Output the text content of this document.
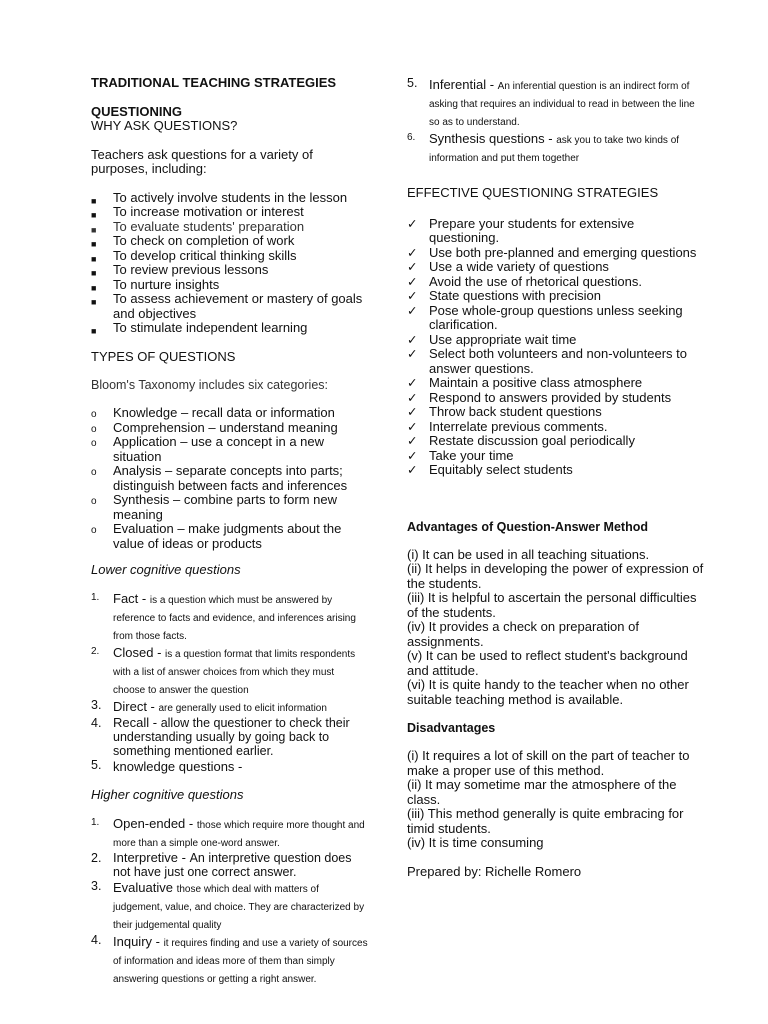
TRADITIONAL TEACHING STRATEGIES
QUESTIONING
WHY ASK QUESTIONS?
Teachers ask questions for a variety of purposes, including:
■ To actively involve students in the lesson
■ To increase motivation or interest
■ To evaluate students' preparation
■ To check on completion of work
■ To develop critical thinking skills
■ To review previous lessons
■ To nurture insights
■ To assess achievement or mastery of goals and objectives
■ To stimulate independent learning
TYPES OF QUESTIONS
Bloom's Taxonomy includes six categories:
o Knowledge – recall data or information
o Comprehension – understand meaning
o Application – use a concept in a new situation
o Analysis – separate concepts into parts; distinguish between facts and inferences
o Synthesis – combine parts to form new meaning
o Evaluation – make judgments about the value of ideas or products
Lower cognitive questions
1. Fact - is a question which must be answered by reference to facts and evidence, and inferences arising from those facts.
2. Closed - is a question format that limits respondents with a list of answer choices from which they must choose to answer the question
3. Direct - are generally used to elicit information
4. Recall - allow the questioner to check their understanding usually by going back to something mentioned earlier.
5. knowledge questions -
Higher cognitive questions
1. Open-ended - those which require more thought and more than a simple one-word answer.
2. Interpretive - An interpretive question does not have just one correct answer.
3. Evaluative those which deal with matters of judgement, value, and choice. They are characterized by their judgemental quality
4. Inquiry - it requires finding and use a variety of sources of information and ideas more of them than simply answering questions or getting a right answer.
5. Inferential - An inferential question is an indirect form of asking that requires an individual to read in between the line so as to understand.
6. Synthesis questions - ask you to take two kinds of information and put them together
EFFECTIVE QUESTIONING STRATEGIES
✓ Prepare your students for extensive questioning.
✓ Use both pre-planned and emerging questions
✓ Use a wide variety of questions
✓ Avoid the use of rhetorical questions.
✓ State questions with precision
✓ Pose whole-group questions unless seeking clarification.
✓ Use appropriate wait time
✓ Select both volunteers and non-volunteers to answer questions.
✓ Maintain a positive class atmosphere
✓ Respond to answers provided by students
✓ Throw back student questions
✓ Interrelate previous comments.
✓ Restate discussion goal periodically
✓ Take your time
✓ Equitably select students
Advantages of Question-Answer Method
(i) It can be used in all teaching situations.
(ii) It helps in developing the power of expression of the students.
(iii) It is helpful to ascertain the personal difficulties of the students.
(iv) It provides a check on preparation of assignments.
(v) It can be used to reflect student's background and attitude.
(vi) It is quite handy to the teacher when no other suitable teaching method is available.
Disadvantages
(i) It requires a lot of skill on the part of teacher to make a proper use of this method.
(ii) It may sometime mar the atmosphere of the class.
(iii) This method generally is quite embracing for timid students.
(iv) It is time consuming
Prepared by: Richelle Romero
